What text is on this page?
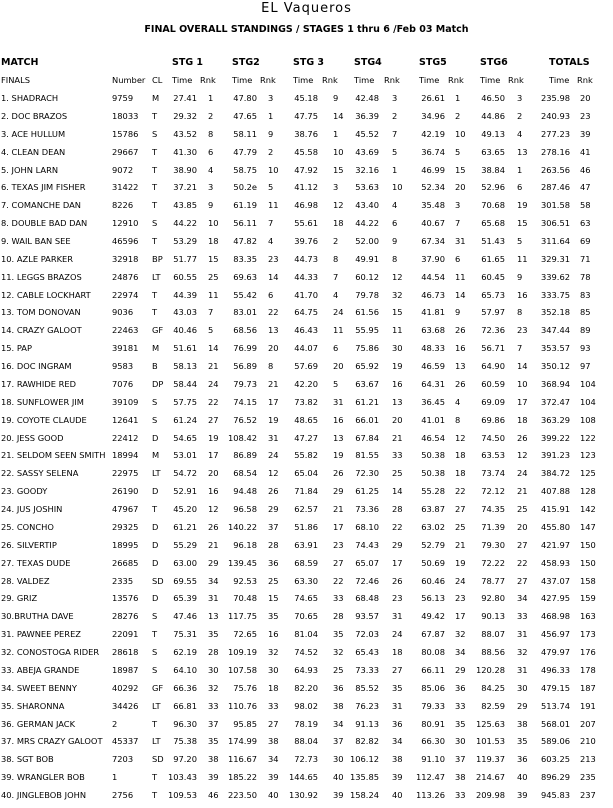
EL Vaqueros
FINAL OVERALL STANDINGS / STAGES 1 thru 6 /Feb 03 Match
MATCH	STG 1	STG2	STG 3	STG4	STG5	STG6	TOTALS
FINALS	Number CL Time Rnk Time Rnk Time Rnk Time Rnk Time Rnk Time Rnk	Time Rnk
1. SHADRACH	9759 M 27.41 1 47.80 3	45.18 9 42.48 3	26.61 1	46.50 3 235.98 20
2. DOC BRAZOS	18033 T 29.32 2 47.65 1	47.75 14 36.39 2	34.96 2	44.86 2 240.93 23
3. ACE HULLUM	15786 S 43.52 8 58.11 9	38.76 1 45.52 7	42.19 10 49.13 4 277.23 39
4. CLEAN DEAN	29667 T 41.30 6 47.79 2	45.58 10 43.69 5	36.74 5	63.65 13 278.16 41
5. JOHN LARN	9072 T 38.90 4 58.75 10 47.92 15 32.16 1	46.99 15 38.84 1 263.56 46
6. TEXAS JIM FISHER	31422 T 37.21 3 50.2e 5	41.12 3 53.63 10 52.34 20 52.96 6 287.46 47
7. COMANCHE DAN	8226 T 43.85 9 61.19 11 46.98 12 43.40 4	35.48 3	70.68 19 301.58 58
8. DOUBLE BAD DAN	12910 S 44.22 10 56.11 7	55.61 18 44.22 6	40.67 7	65.68 15 306.51 63
9. WAIL BAN SEE	46596 T 53.29 18 47.82 4	39.76 2 52.00 9	67.34 31 51.43 5 311.64 69
10. AZLE PARKER	32918 BP 51.77 15 83.35 23 44.73 8 49.91 8	37.90 6	61.65 11 329.31 71
11. LEGGS BRAZOS	24876 LT 60.55 25 69.63 14 44.33 7 60.12 12 44.54 11 60.45 9 339.62 78
12. CABLE LOCKHART	22974 T 44.39 11 55.42 6	41.70 4 79.78 32 46.73 14 65.73 16 333.75 83
13. TOM DONOVAN	9036 T 43.03 7 83.01 22 64.75 24 61.56 15 41.81 9	57.97 8 352.18 85
14. CRAZY GALOOT	22463 GF 40.46 5 68.56 13 46.43 11 55.95 11 63.68 26 72.36 23 347.44 89
15. PAP	39181 M 51.61 14 76.99 20 44.07 6 75.86 30 48.33 16 56.71 7 353.57 93
16. DOC INGRAM	9583 B 58.13 21 56.89 8	57.69 20 65.92 19 46.59 13 64.90 14 350.12 97
17. RAWHIDE RED	7076 DP 58.44 24 79.73 21 42.20 5 63.67 16 64.31 26 60.59 10 368.94 104
18. SUNFLOWER JIM	39109 S 57.75 22 74.15 17 73.82 31 61.21 13 36.45 4	69.09 17 372.47 104
19. COYOTE CLAUDE	12641 S 61.24 27 76.52 19 48.65 16 66.01 20 41.01 8	69.86 18 363.29 108
20. JESS GOOD	22412 D 54.65 19 108.42 31 47.27 13 67.84 21 46.54 12 74.50 26 399.22 122
21. SELDOM SEEN SMITH 18994 M 53.01 17 86.89 24 55.82 19 81.55 33 50.38 18 63.53 12 391.23 123
22. SASSY SELENA	22975 LT 54.72 20 68.54 12 65.04 26 72.30 25 50.38 18 73.74 24 384.72 125
23. GOODY	26190 D 52.91 16 94.48 26 71.84 29 61.25 14 55.28 22 72.12 21 407.88 128
24. JUS JOSHIN	47967 T 45.20 12 96.58 29 62.57 21 73.36 28 63.87 27 74.35 25 415.91 142
25. CONCHO	29325 D 61.21 26 140.22 37 51.86 17 68.10 22 63.02 25 71.39 20 455.80 147
26. SILVERTIP	18995 D 55.29 21 96.18 28 63.91 23 74.43 29 52.79 21 79.30 27 421.97 150
27. TEXAS DUDE	26685 D 63.00 29 139.45 36 68.59 27 65.07 17 50.69 19 72.22 22 458.93 150
28. VALDEZ	2335 SD 69.55 34 92.53 25 63.30 22 72.46 26 60.46 24 78.77 27 437.07 158
29. GRIZ	13576 D 65.39 31 70.48 15 74.65 33 68.48 23 56.13 23 92.80 34 427.95 159
30.BRUTHA DAVE	28276 S 47.46 13 117.75 35 70.65 28 93.57 31 49.42 17 90.13 33 468.98 163
31. PAWNEE PEREZ	22091 T 75.31 35 72.65 16 81.04 35 72.03 24 67.87 32 88.07 31 456.97 173
32. CONOSTOGA RIDER 28618 S 62.19 28 109.19 32 74.52 32 65.43 18 80.08 34 88.56 32 479.97 176
33. ABEJA GRANDE	18987 S 64.10 30 107.58 30 64.93 25 73.33 27 66.11 29 120.28 31 496.33 178
34. SWEET BENNY	40292 GF 66.36 32 75.76 18 82.20 36 85.52 35 85.06 36 84.25 30 479.15 187
35. SHARONNA	34426 LT 66.81 33 110.76 33 98.02 38 76.23 31 79.33 33 82.59 29 513.74 191
36. GERMAN JACK	2	T 96.30 37 95.85 27 78.19 34 91.13 36 80.91 35 125.63 38 568.01 207
37. MRS CRAZY GALOOT 45337 LT 75.38 35 174.99 38 88.04 37 82.82 34 66.30 30 101.53 35 589.06 210
38. SGT BOB	7203 SD 97.20 38 116.67 34 72.73 30 106.12 38 91.10 37 119.37 36 603.25 213
39. WRANGLER BOB	1	T 103.43 39 185.22 39 144.65 40 135.85 39 112.47 38 214.67 40 896.29 235
40. JINGLEBOB JOHN	2756 T 109.53 46 223.50 40 130.92 39 158.24 40 113.26 33 209.98 39 945.83 237
